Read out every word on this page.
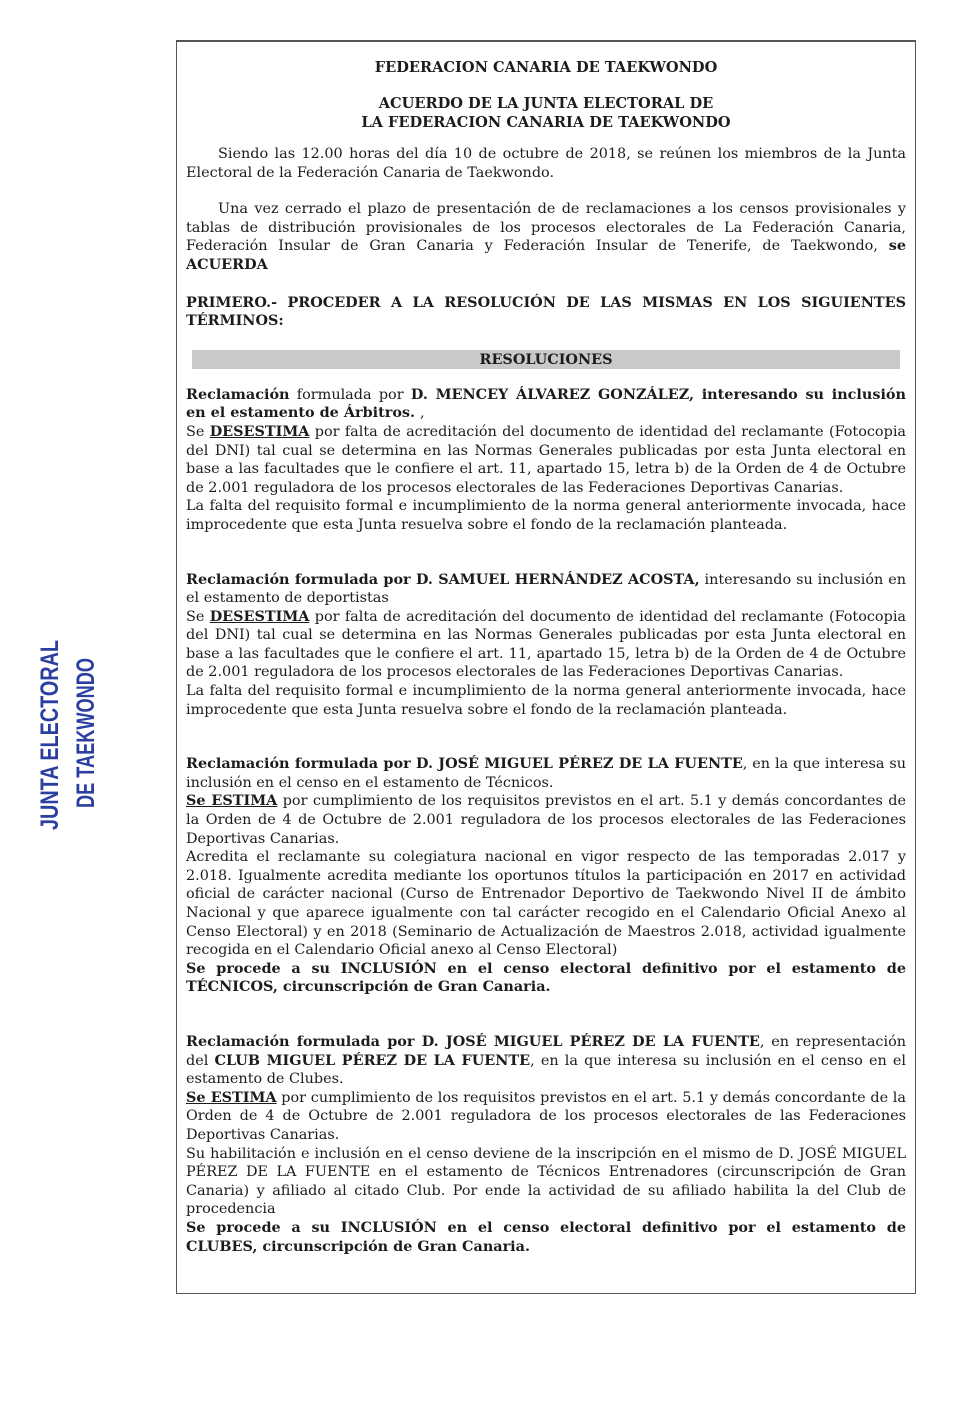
JUNTA ELECTORAL DE TAEKWONDO
FEDERACION CANARIA DE TAEKWONDO
ACUERDO DE LA JUNTA ELECTORAL DE
LA FEDERACION CANARIA DE TAEKWONDO

Siendo las 12.00 horas del día 10 de octubre de 2018, se reúnen los miembros de la Junta Electoral de la Federación Canaria de Taekwondo.

Una vez cerrado el plazo de presentación de de reclamaciones a los censos provisionales y tablas de distribución provisionales de los procesos electorales de La Federación Canaria, Federación Insular de Gran Canaria y Federación Insular de Tenerife, de Taekwondo, se ACUERDA

PRIMERO.- PROCEDER A LA RESOLUCIÓN DE LAS MISMAS EN LOS SIGUIENTES TÉRMINOS:

RESOLUCIONES

Reclamación formulada por D. MENCEY ÁLVAREZ GONZÁLEZ, interesando su inclusión en el estamento de Árbitros. ,

Se DESESTIMA por falta de acreditación del documento de identidad del reclamante (Fotocopia del DNI) tal cual se determina en las Normas Generales publicadas por esta Junta electoral en base a las facultades que le confiere el art. 11, apartado 15, letra b) de la Orden de 4 de Octubre de 2.001 reguladora de los procesos electorales de las Federaciones Deportivas Canarias.

La falta del requisito formal e incumplimiento de la norma general anteriormente invocada, hace improcedente que esta Junta resuelva sobre el fondo de la reclamación planteada.

Reclamación formulada por D. SAMUEL HERNÁNDEZ ACOSTA, interesando su inclusión en el estamento de deportistas

Se DESESTIMA por falta de acreditación del documento de identidad del reclamante (Fotocopia del DNI) tal cual se determina en las Normas Generales publicadas por esta Junta electoral en base a las facultades que le confiere el art. 11, apartado 15, letra b) de la Orden de 4 de Octubre de 2.001 reguladora de los procesos electorales de las Federaciones Deportivas Canarias.

La falta del requisito formal e incumplimiento de la norma general anteriormente invocada, hace improcedente que esta Junta resuelva sobre el fondo de la reclamación planteada.

Reclamación formulada por D. JOSÉ MIGUEL PÉREZ DE LA FUENTE, en la que interesa su inclusión en el censo en el estamento de Técnicos.

Se ESTIMA por cumplimiento de los requisitos previstos en el art. 5.1 y demás concordantes de la Orden de 4 de Octubre de 2.001 reguladora de los procesos electorales de las Federaciones Deportivas Canarias.

Acredita el reclamante su colegiatura nacional en vigor respecto de las temporadas 2.017 y 2.018. Igualmente acredita mediante los oportunos títulos la participación en 2017 en actividad oficial de carácter nacional (Curso de Entrenador Deportivo de Taekwondo Nivel II de ámbito Nacional y que aparece igualmente con tal carácter recogido en el Calendario Oficial Anexo al Censo Electoral) y en 2018 (Seminario de Actualización de Maestros 2.018, actividad igualmente recogida en el Calendario Oficial anexo al Censo Electoral)

Se procede a su INCLUSIÓN en el censo electoral definitivo por el estamento de TÉCNICOS, circunscripción de Gran Canaria.

Reclamación formulada por D. JOSÉ MIGUEL PÉREZ DE LA FUENTE, en representación del CLUB MIGUEL PÉREZ DE LA FUENTE, en la que interesa su inclusión en el censo en el estamento de Clubes.

Se ESTIMA por cumplimiento de los requisitos previstos en el art. 5.1 y demás concordante de la Orden de 4 de Octubre de 2.001 reguladora de los procesos electorales de las Federaciones Deportivas Canarias.

Su habilitación e inclusión en el censo deviene de la inscripción en el mismo de D. JOSÉ MIGUEL PÉREZ DE LA FUENTE en el estamento de Técnicos Entrenadores (circunscripción de Gran Canaria) y afiliado al citado Club. Por ende la actividad de su afiliado habilita la del Club de procedencia

Se procede a su INCLUSIÓN en el censo electoral definitivo por el estamento de CLUBES, circunscripción de Gran Canaria.
